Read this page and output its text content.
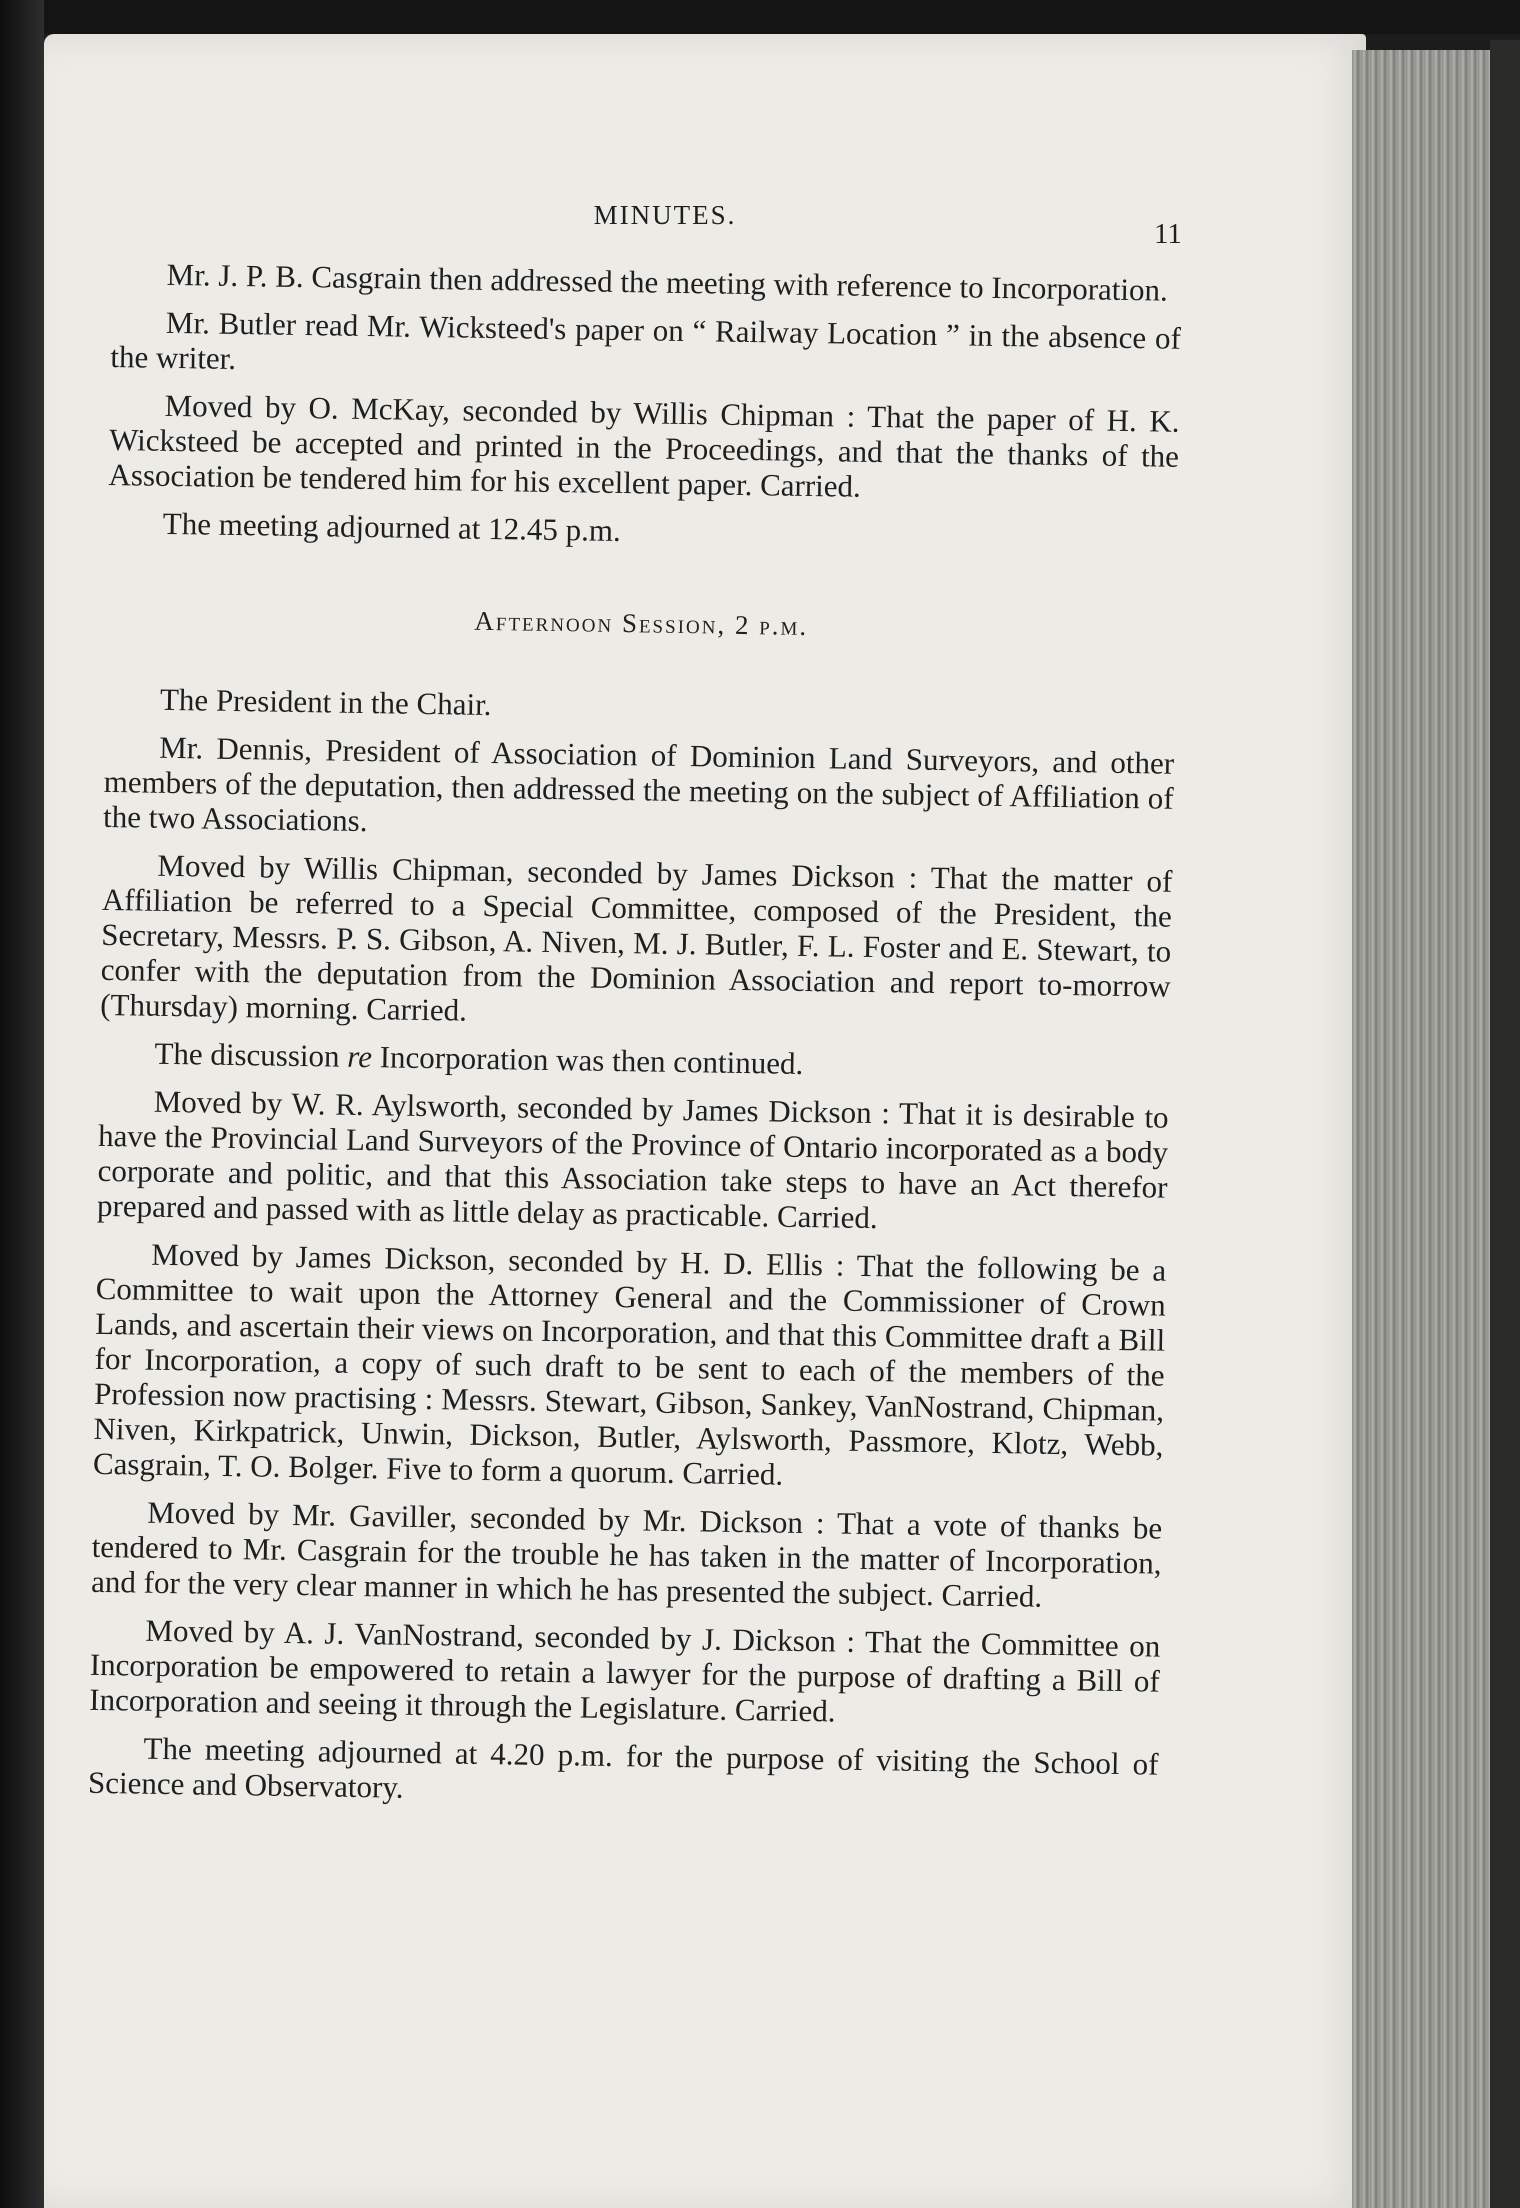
MINUTES.
11

Mr. J. P. B. Casgrain then addressed the meeting with reference to Incorporation.

Mr. Butler read Mr. Wicksteed's paper on “ Railway Location ” in the absence of the writer.

Moved by O. McKay, seconded by Willis Chipman : That the paper of H. K. Wicksteed be accepted and printed in the Proceedings, and that the thanks of the Association be tendered him for his excellent paper. Carried.

The meeting adjourned at 12.45 p.m.

Afternoon Session, 2 p.m.

The President in the Chair.

Mr. Dennis, President of Association of Dominion Land Surveyors, and other members of the deputation, then addressed the meeting on the subject of Affiliation of the two Associations.

Moved by Willis Chipman, seconded by James Dickson : That the matter of Affiliation be referred to a Special Committee, composed of the President, the Secretary, Messrs. P. S. Gibson, A. Niven, M. J. Butler, F. L. Foster and E. Stewart, to confer with the deputation from the Dominion Association and report to-morrow (Thursday) morning. Carried.

The discussion re Incorporation was then continued.

Moved by W. R. Aylsworth, seconded by James Dickson : That it is desirable to have the Provincial Land Surveyors of the Province of Ontario incorporated as a body corporate and politic, and that this Association take steps to have an Act therefor prepared and passed with as little delay as practicable. Carried.

Moved by James Dickson, seconded by H. D. Ellis : That the following be a Committee to wait upon the Attorney General and the Commissioner of Crown Lands, and ascertain their views on Incorporation, and that this Committee draft a Bill for Incorporation, a copy of such draft to be sent to each of the members of the Profession now practising : Messrs. Stewart, Gibson, Sankey, VanNostrand, Chipman, Niven, Kirkpatrick, Unwin, Dickson, Butler, Aylsworth, Passmore, Klotz, Webb, Casgrain, T. O. Bolger. Five to form a quorum. Carried.

Moved by Mr. Gaviller, seconded by Mr. Dickson : That a vote of thanks be tendered to Mr. Casgrain for the trouble he has taken in the matter of Incorporation, and for the very clear manner in which he has presented the subject. Carried.

Moved by A. J. VanNostrand, seconded by J. Dickson : That the Committee on Incorporation be empowered to retain a lawyer for the purpose of drafting a Bill of Incorporation and seeing it through the Legislature. Carried.

The meeting adjourned at 4.20 p.m. for the purpose of visiting the School of Science and Observatory.
